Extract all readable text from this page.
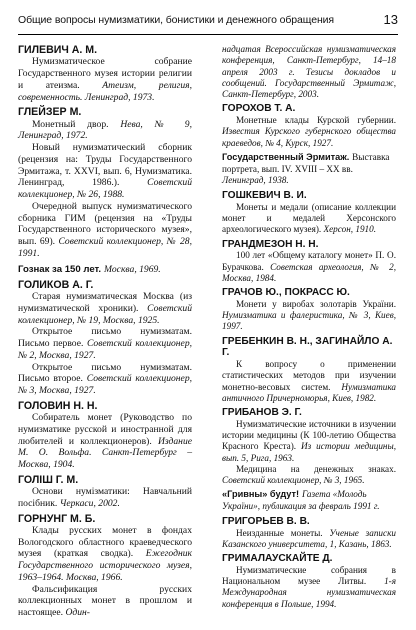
Общие вопросы нумизматики, бонистики и денежного обращения	13

ГИЛЕВИЧ А. М.

Нумизматическое собрание Государственного музея истории религии и атеизма. Атеизм, религия, современность. Ленинград, 1973.

ГЛЕЙЗЕР М.

Монетный двор. Нева, № 9, Ленинград, 1972.

Новый нумизматический сборник (рецензия на: Труды Государственного Эрмитажа, т. XXVI, вып. 6, Нумизматика. Ленинград, 1986.).	Советский коллекционер, № 26, 1988.

Очередной выпуск нумизматического сборника ГИМ (рецензия на «Труды Государственного исторического музея», вып. 69). Советский коллекционер, № 28, 1991.

Гознак за 150 лет. Москва, 1969.

ГОЛИКОВ А. Г.

Старая нумизматическая Москва (из нумизматической хроники). Советский коллекционер, № 19, Москва, 1925.

Открытое письмо нумизматам. Письмо первое. Советский коллекционер, № 2, Москва, 1927.

Открытое письмо нумизматам. Письмо второе. Советский коллекционер, № 3, Москва, 1927.

ГОЛОВИН Н. Н.

Собиратель монет (Руководство по нумизматике русской и иностранной для любителей и коллекционеров). Издание М. О. Вольфа. Санкт-Петербург – Москва, 1904.

ГОЛІШ Г. М.

Основи нумізматики: Навчальний посібник. Черкаси, 2002.

ГОРНУНГ М. Б.

Клады русских монет в фондах Вологодского областного краеведческого музея (краткая сводка). Ежегодник Государственного исторического музея, 1963–1964. Москва, 1966.

Фальсификация русских коллекционных монет в прошлом и настоящее. Один-

надцатая Всероссийская нумизматическая конференция, Санкт-Петербург, 14–18 апреля 2003 г. Тезисы докладов и сообщений. Государственный Эрмитаж, Санкт-Петербург, 2003.

ГОРОХОВ Т. А.

Монетные клады Курской губернии. Известия Курского губернского общества краеведов, № 4, Курск, 1927.

Государственный Эрмитаж. Выставка портрета, вып. IV. XVIII – XX вв. Ленинград, 1938.

ГОШКЕВИЧ В. И.

Монеты и медали (описание коллекции монет и медалей Херсонского археологического музея). Херсон, 1910.

ГРАНДМЕЗОН Н. Н.

100 лет «Общему каталогу монет» П. О. Бурачкова. Советская археология, № 2, Москва, 1984.

ГРАЧОВ Ю., ПОКРАСС Ю.

Монети у виробах золотарів України. Нумизматика и фалеристика, № 3, Киев, 1997.

ГРЕБЕНКИН В. Н., ЗАГИНАЙЛО А. Г.

К вопросу о применении статистических методов при изучении монетно-весовых систем. Нумизматика античного Причерноморья, Киев, 1982.

ГРИБАНОВ Э. Г.

Нумизматические источники в изучении истории медицины (К 100-летию Общества Красного Креста). Из истории медицины, вып. 5, Рига, 1963.

Медицина на денежных знаках. Советский коллекционер, № 3, 1965.

«Гривны» будут! Газета «Молодь України», публикация за февраль 1991 г.

ГРИГОРЬЕВ В. В.

Неизданные монеты. Ученые записки Казанского университета, 1, Казань, 1863.

ГРИМАЛАУСКАЙТЕ Д.

Нумизматические собрания в Национальном музее Литвы. 1-я Международная нумизматическая конференция в Польше, 1994.
